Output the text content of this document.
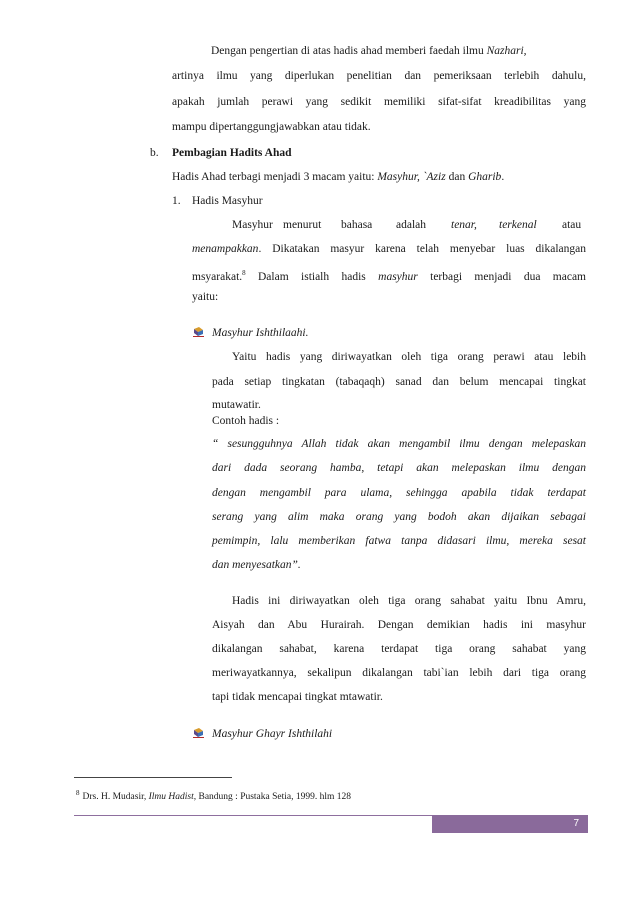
Dengan pengertian di atas hadis ahad memberi faedah ilmu Nazhari,
artinya ilmu yang diperlukan penelitian dan pemeriksaan terlebih dahulu,
apakah jumlah perawi yang sedikit memiliki sifat-sifat kreadibilitas yang
mampu dipertanggungjawabkan atau tidak.
b. Pembagian Hadits Ahad
Hadis Ahad terbagi menjadi 3 macam yaitu: Masyhur, `Aziz dan Gharib.
1. Hadis Masyhur
Masyhur menurut bahasa adalah tenar, terkenal atau
menampakkan. Dikatakan masyur karena telah menyebar luas dikalangan
msyarakat.$^8$ Dalam istialh hadis masyhur terbagi menjadi dua macam
yaitu:
Masyhur Ishthilaahi.
Yaitu hadis yang diriwayatkan oleh tiga orang perawi atau lebih
pada setiap tingkatan (tabaqaqh) sanad dan belum mencapai tingkat
mutawatir.
Contoh hadis :
“ sesungguhnya Allah tidak akan mengambil ilmu dengan melepaskan
dari dada seorang hamba, tetapi akan melepaskan ilmu dengan
dengan mengambil para ulama, sehingga apabila tidak terdapat
serang yang alim maka orang yang bodoh akan dijaikan sebagai
pemimpin, lalu memberikan fatwa tanpa didasari ilmu, mereka sesat
dan menyesatkan”.
Hadis ini diriwayatkan oleh tiga orang sahabat yaitu Ibnu Amru,
Aisyah dan Abu Hurairah. Dengan demikian hadis ini masyhur
dikalangan sahabat, karena terdapat tiga orang sahabat yang
meriwayatkannya, sekalipun dikalangan tabi`ian lebih dari tiga orang
tapi tidak mencapai tingkat mtawatir.
Masyhur Ghayr Ishthilahi
$^8$ Drs. H. Mudasir, Ilmu Hadist, Bandung : Pustaka Setia, 1999. hlm 128
7
